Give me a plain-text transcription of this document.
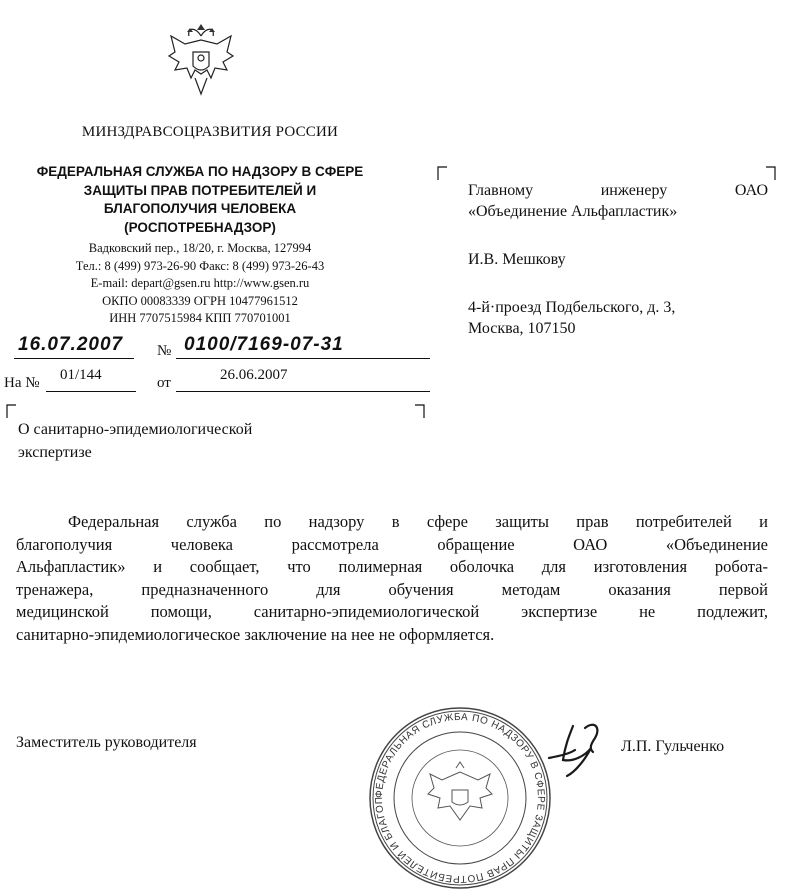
МИНЗДРАВСОЦРАЗВИТИЯ РОССИИ
ФЕДЕРАЛЬНАЯ СЛУЖБА ПО НАДЗОРУ В СФЕРЕ
ЗАЩИТЫ ПРАВ ПОТРЕБИТЕЛЕЙ И
БЛАГОПОЛУЧИЯ ЧЕЛОВЕКА
(РОСПОТРЕБНАДЗОР)
Вадковский пер., 18/20, г. Москва, 127994
Тел.: 8 (499) 973-26-90 Факс: 8 (499) 973-26-43
E-mail: depart@gsen.ru http://www.gsen.ru
ОКПО 00083339 ОГРН 10477961512
ИНН 7707515984 КПП 770701001
16.07.2007 № 0100/7169-07-31
На № 01/144	от	26.06.2007
Главному инженеру ОАО
«Объединение Альфапластик»
И.В. Мешкову
4-й·проезд Подбельского, д. 3,
Москва, 107150
О санитарно-эпидемиологической
экспертизе
Федеральная служба по надзору в сфере защиты прав потребителей и
благополучия человека рассмотрела обращение ОАО «Объединение
Альфапластик» и сообщает, что полимерная оболочка для изготовления робота-
тренажера, предназначенного для обучения методам оказания первой
медицинской помощи, санитарно-эпидемиологической экспертизе не подлежит,
санитарно-эпидемиологическое заключение на нее не оформляется.
Заместитель руководителя
ФЕДЕРАЛЬНАЯ СЛУЖБА ПО НАДЗОРУ В СФЕРЕ ЗАЩИТЫ ПРАВ ПОТРЕБИТЕЛЕЙ И БЛАГОП
Л.П. Гульченко
